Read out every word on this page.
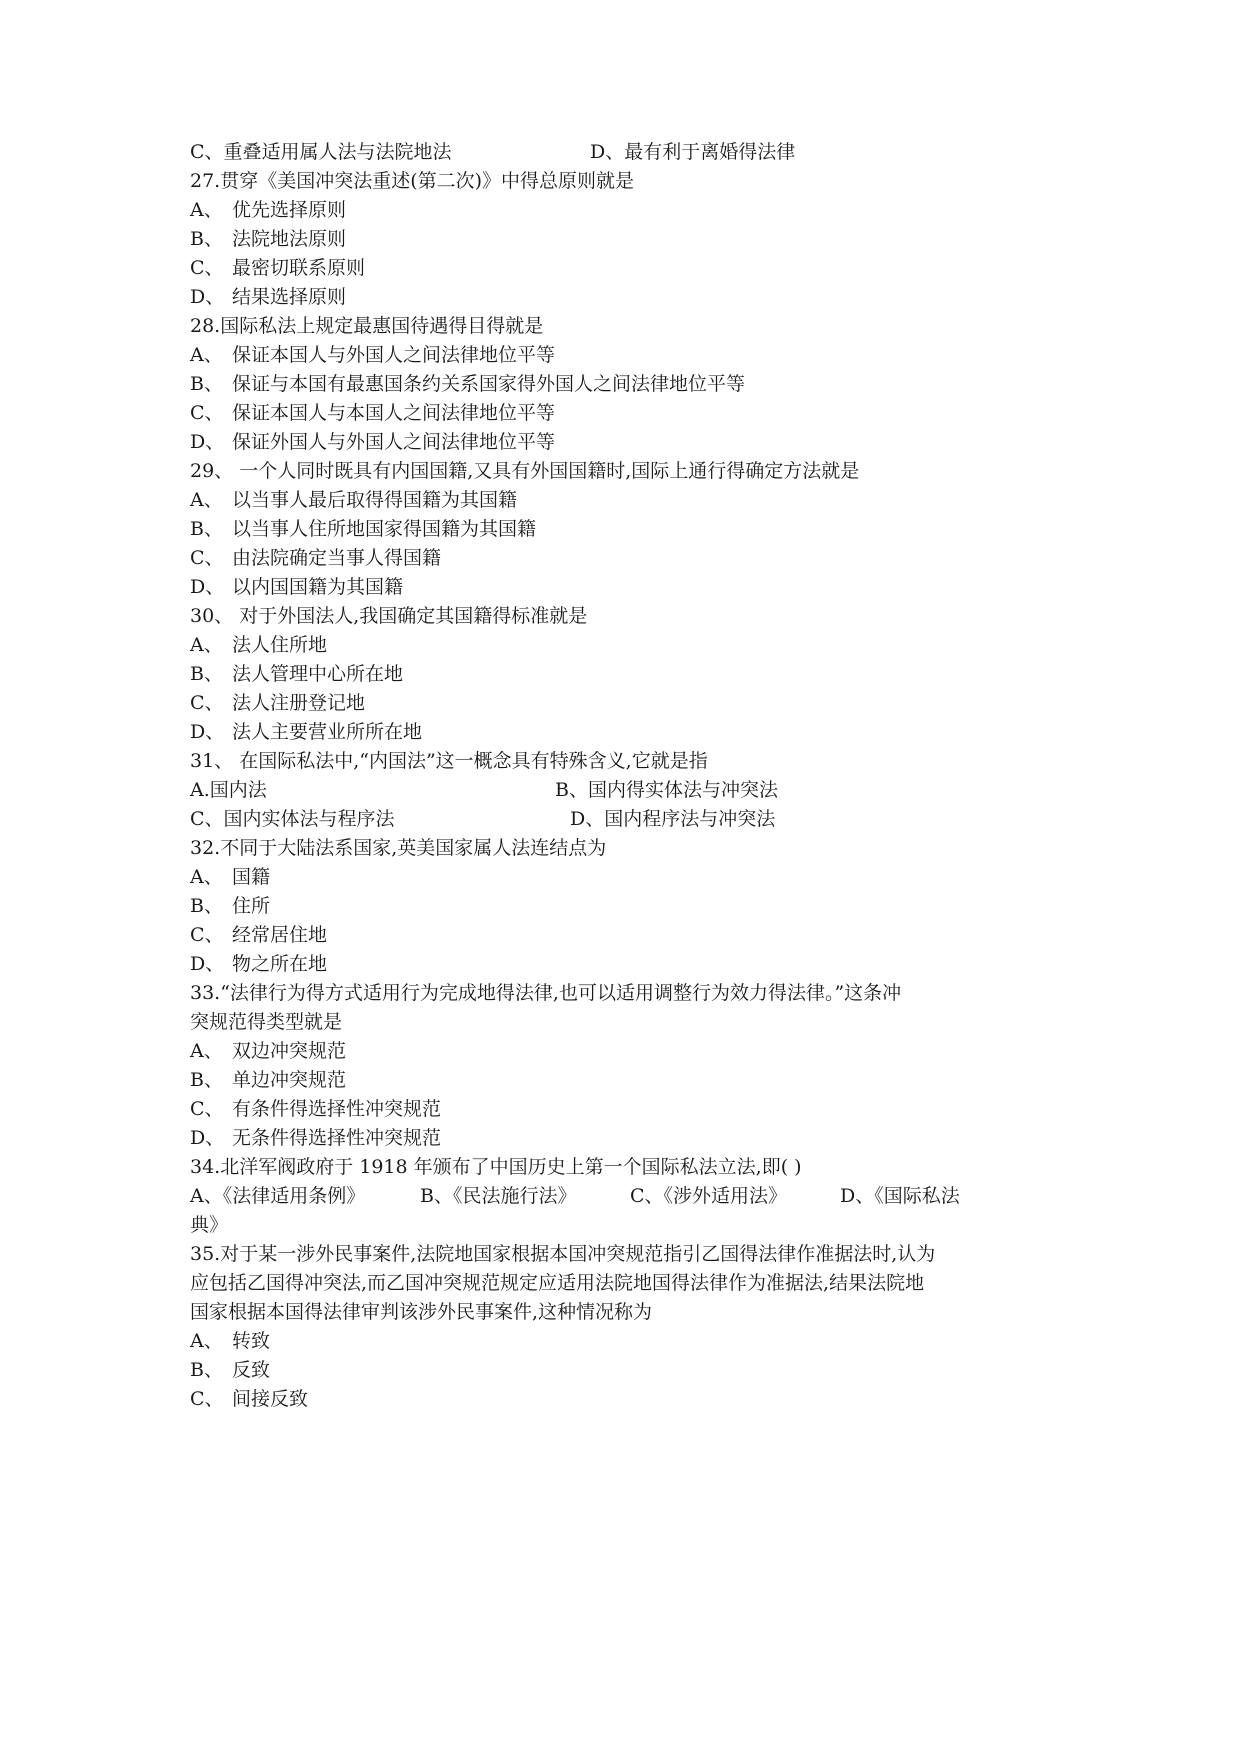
C、重叠适用属人法与法院地法	D、最有利于离婚得法律
27.贯穿《美国冲突法重述(第二次)》中得总原则就是
A、 优先选择原则
B、 法院地法原则
C、 最密切联系原则
D、 结果选择原则
28.国际私法上规定最惠国待遇得目得就是
A、 保证本国人与外国人之间法律地位平等
B、 保证与本国有最惠国条约关系国家得外国人之间法律地位平等
C、 保证本国人与本国人之间法律地位平等
D、 保证外国人与外国人之间法律地位平等
29、 一个人同时既具有内国国籍,又具有外国国籍时,国际上通行得确定方法就是
A、 以当事人最后取得得国籍为其国籍
B、 以当事人住所地国家得国籍为其国籍
C、 由法院确定当事人得国籍
D、 以内国国籍为其国籍
30、 对于外国法人,我国确定其国籍得标准就是
A、 法人住所地
B、 法人管理中心所在地
C、 法人注册登记地
D、 法人主要营业所所在地
31、 在国际私法中,“内国法”这一概念具有特殊含义,它就是指
A.国内法	B、国内得实体法与冲突法
C、国内实体法与程序法	D、国内程序法与冲突法
32.不同于大陆法系国家,英美国家属人法连结点为
A、 国籍
B、 住所
C、 经常居住地
D、 物之所在地
33.“法律行为得方式适用行为完成地得法律,也可以适用调整行为效力得法律。”这条冲
突规范得类型就是
A、 双边冲突规范
B、 单边冲突规范
C、 有条件得选择性冲突规范
D、 无条件得选择性冲突规范
34.北洋军阀政府于 1918 年颁布了中国历史上第一个国际私法立法,即( )
A、《法律适用条例》	B、《民法施行法》	C、《涉外适用法》	D、《国际私法
典》
35.对于某一涉外民事案件,法院地国家根据本国冲突规范指引乙国得法律作准据法时,认为
应包括乙国得冲突法,而乙国冲突规范规定应适用法院地国得法律作为准据法,结果法院地
国家根据本国得法律审判该涉外民事案件,这种情况称为
A、 转致
B、 反致
C、 间接反致
